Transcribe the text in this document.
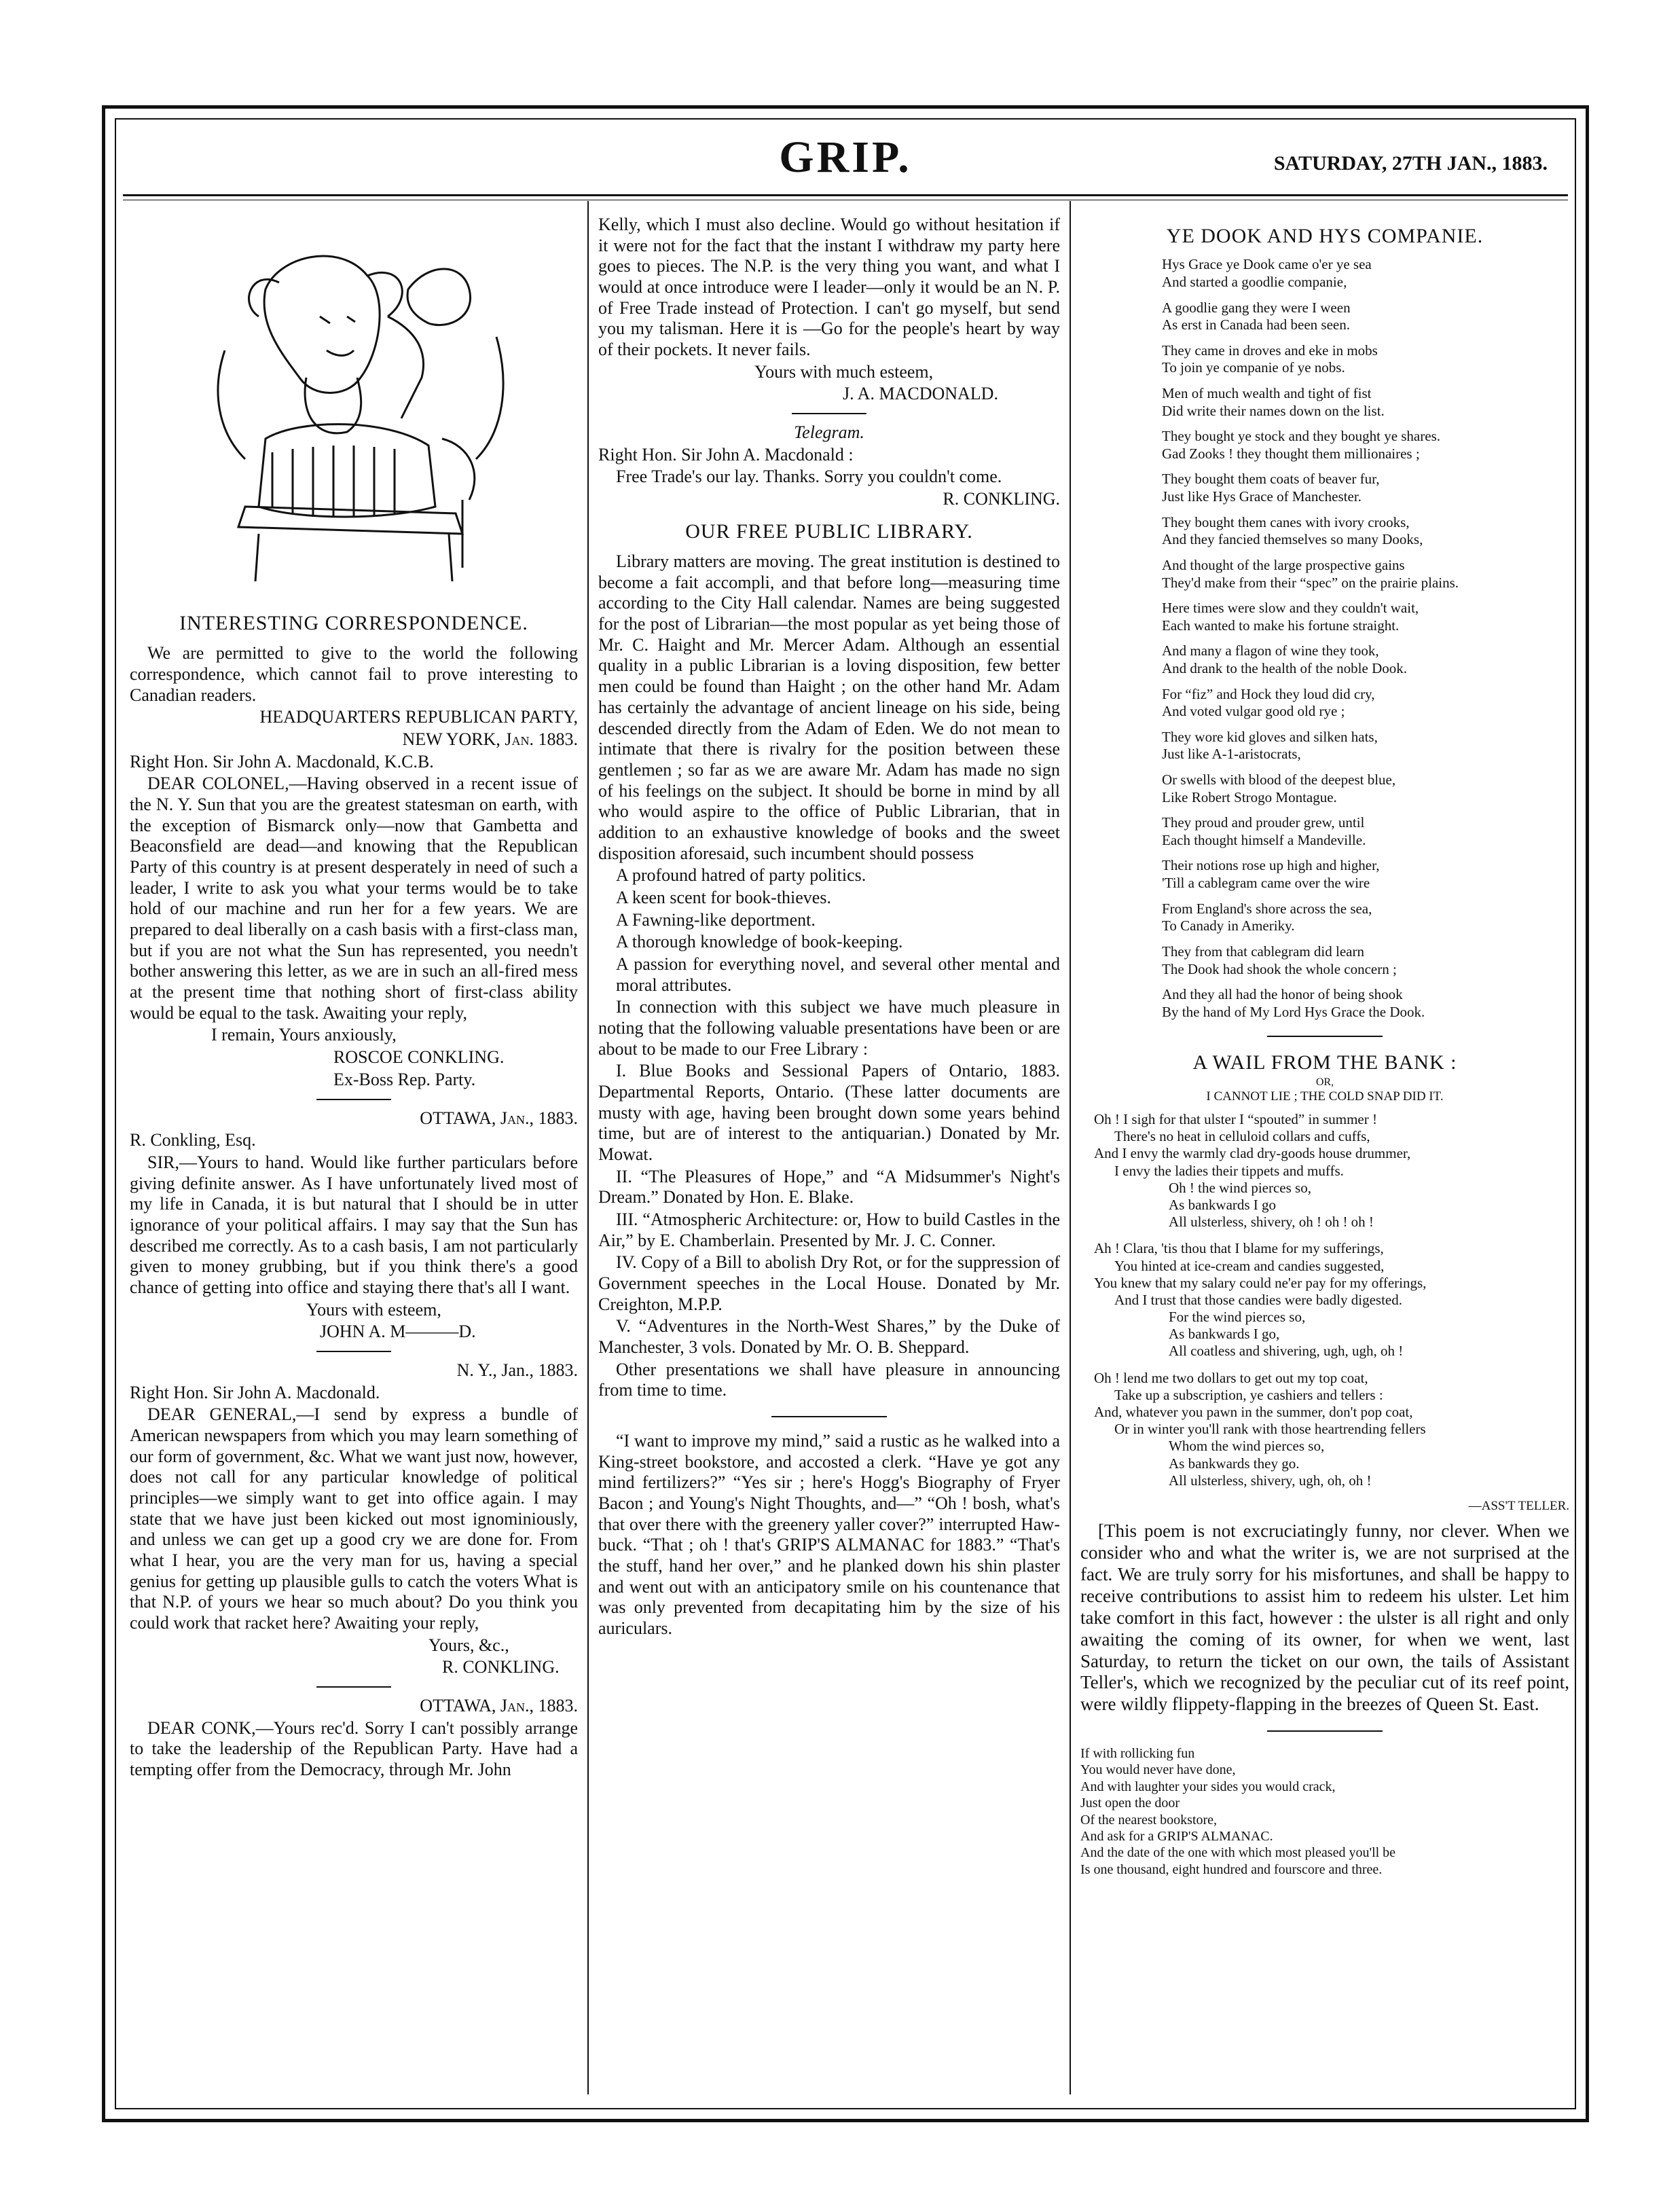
GRIP.	SATURDAY, 27TH JAN., 1883.
INTERESTING CORRESPONDENCE.

We are permitted to give to the world the following correspondence, which cannot fail to prove interesting to Canadian readers.

HEADQUARTERS REPUBLICAN PARTY,

NEW YORK, Jan. 1883.

Right Hon. Sir John A. Macdonald, K.C.B.

DEAR COLONEL,—Having observed in a recent issue of the N. Y. Sun that you are the greatest statesman on earth, with the exception of Bismarck only—now that Gambetta and Beaconsfield are dead—and knowing that the Republican Party of this country is at present desperately in need of such a leader, I write to ask you what your terms would be to take hold of our machine and run her for a few years. We are prepared to deal liberally on a cash basis with a first-class man, but if you are not what the Sun has represented, you needn't bother answering this letter, as we are in such an all-fired mess at the present time that nothing short of first-class ability would be equal to the task. Awaiting your reply,

I remain, Yours anxiously,

ROSCOE CONKLING.

Ex-Boss Rep. Party.

OTTAWA, Jan., 1883.

R. Conkling, Esq.

SIR,—Yours to hand. Would like further particulars before giving definite answer. As I have unfortunately lived most of my life in Canada, it is but natural that I should be in utter ignorance of your political affairs. I may say that the Sun has described me correctly. As to a cash basis, I am not particularly given to money grubbing, but if you think there's a good chance of getting into office and staying there that's all I want.

Yours with esteem,

JOHN A. M———D.

N. Y., Jan., 1883.

Right Hon. Sir John A. Macdonald.

DEAR GENERAL,—I send by express a bundle of American newspapers from which you may learn something of our form of government, &c. What we want just now, however, does not call for any particular knowledge of political principles—we simply want to get into office again. I may state that we have just been kicked out most ignominiously, and unless we can get up a good cry we are done for. From what I hear, you are the very man for us, having a special genius for getting up plausible gulls to catch the voters What is that N.P. of yours we hear so much about? Do you think you could work that racket here? Awaiting your reply,

Yours, &c.,

R. CONKLING.

OTTAWA, Jan., 1883.

DEAR CONK,—Yours rec'd. Sorry I can't possibly arrange to take the leadership of the Republican Party. Have had a tempting offer from the Democracy, through Mr. John

Kelly, which I must also decline. Would go without hesitation if it were not for the fact that the instant I withdraw my party here goes to pieces. The N.P. is the very thing you want, and what I would at once introduce were I leader—only it would be an N. P. of Free Trade instead of Protection. I can't go myself, but send you my talisman. Here it is —Go for the people's heart by way of their pockets. It never fails.

Yours with much esteem,

J. A. MACDONALD.

Telegram.

Right Hon. Sir John A. Macdonald :

Free Trade's our lay. Thanks. Sorry you couldn't come.

R. CONKLING.

OUR FREE PUBLIC LIBRARY.

Library matters are moving. The great institution is destined to become a fait accompli, and that before long—measuring time according to the City Hall calendar. Names are being suggested for the post of Librarian—the most popular as yet being those of Mr. C. Haight and Mr. Mercer Adam. Although an essential quality in a public Librarian is a loving disposition, few better men could be found than Haight ; on the other hand Mr. Adam has certainly the advantage of ancient lineage on his side, being descended directly from the Adam of Eden. We do not mean to intimate that there is rivalry for the position between these gentlemen ; so far as we are aware Mr. Adam has made no sign of his feelings on the subject. It should be borne in mind by all who would aspire to the office of Public Librarian, that in addition to an exhaustive knowledge of books and the sweet disposition aforesaid, such incumbent should possess

A profound hatred of party politics.

A keen scent for book-thieves.

A Fawning-like deportment.

A thorough knowledge of book-keeping.

A passion for everything novel, and several other mental and moral attributes.

In connection with this subject we have much pleasure in noting that the following valuable presentations have been or are about to be made to our Free Library :

I. Blue Books and Sessional Papers of Ontario, 1883. Departmental Reports, Ontario. (These latter documents are musty with age, having been brought down some years behind time, but are of interest to the antiquarian.) Donated by Mr. Mowat.

II. “The Pleasures of Hope,” and “A Midsummer's Night's Dream.” Donated by Hon. E. Blake.

III. “Atmospheric Architecture: or, How to build Castles in the Air,” by E. Chamberlain. Presented by Mr. J. C. Conner.

IV. Copy of a Bill to abolish Dry Rot, or for the suppression of Government speeches in the Local House. Donated by Mr. Creighton, M.P.P.

V. “Adventures in the North-West Shares,” by the Duke of Manchester, 3 vols. Donated by Mr. O. B. Sheppard.

Other presentations we shall have pleasure in announcing from time to time.

“I want to improve my mind,” said a rustic as he walked into a King-street bookstore, and accosted a clerk. “Have ye got any mind fertilizers?” “Yes sir ; here's Hogg's Biography of Fryer Bacon ; and Young's Night Thoughts, and—” “Oh ! bosh, what's that over there with the greenery yaller cover?” interrupted Haw-buck. “That ; oh ! that's GRIP'S ALMANAC for 1883.” “That's the stuff, hand her over,” and he planked down his shin plaster and went out with an anticipatory smile on his countenance that was only prevented from decapitating him by the size of his auriculars.

YE DOOK AND HYS COMPANIE.
Hys Grace ye Dook came o'er ye sea
And started a goodlie companie,
A goodlie gang they were I ween
As erst in Canada had been seen.
They came in droves and eke in mobs
To join ye companie of ye nobs.
Men of much wealth and tight of fist
Did write their names down on the list.
They bought ye stock and they bought ye shares.
Gad Zooks ! they thought them millionaires ;
They bought them coats of beaver fur,
Just like Hys Grace of Manchester.
They bought them canes with ivory crooks,
And they fancied themselves so many Dooks,
And thought of the large prospective gains
They'd make from their “spec” on the prairie plains.
Here times were slow and they couldn't wait,
Each wanted to make his fortune straight.
And many a flagon of wine they took,
And drank to the health of the noble Dook.
For “fiz” and Hock they loud did cry,
And voted vulgar good old rye ;
They wore kid gloves and silken hats,
Just like A-1-aristocrats,
Or swells with blood of the deepest blue,
Like Robert Strogo Montague.
They proud and prouder grew, until
Each thought himself a Mandeville.
Their notions rose up high and higher,
'Till a cablegram came over the wire
From England's shore across the sea,
To Canady in Ameriky.
They from that cablegram did learn
The Dook had shook the whole concern ;
And they all had the honor of being shook
By the hand of My Lord Hys Grace the Dook.
A WAIL FROM THE BANK :
OR,
I CANNOT LIE ; THE COLD SNAP DID IT.
Oh ! I sigh for that ulster I “spouted” in summer !
There's no heat in celluloid collars and cuffs,
And I envy the warmly clad dry-goods house drummer,
I envy the ladies their tippets and muffs.
Oh ! the wind pierces so,
As bankwards I go
All ulsterless, shivery, oh ! oh ! oh !
Ah ! Clara, 'tis thou that I blame for my sufferings,
You hinted at ice-cream and candies suggested,
You knew that my salary could ne'er pay for my offerings,
And I trust that those candies were badly digested.
For the wind pierces so,
As bankwards I go,
All coatless and shivering, ugh, ugh, oh !
Oh ! lend me two dollars to get out my top coat,
Take up a subscription, ye cashiers and tellers :
And, whatever you pawn in the summer, don't pop coat,
Or in winter you'll rank with those heartrending fellers
Whom the wind pierces so,
As bankwards they go.
All ulsterless, shivery, ugh, oh, oh !

—ASS'T TELLER.

[This poem is not excruciatingly funny, nor clever. When we consider who and what the writer is, we are not surprised at the fact. We are truly sorry for his misfortunes, and shall be happy to receive contributions to assist him to redeem his ulster. Let him take comfort in this fact, however : the ulster is all right and only awaiting the coming of its owner, for when we went, last Saturday, to return the ticket on our own, the tails of Assistant Teller's, which we recognized by the peculiar cut of its reef point, were wildly flippety-flapping in the breezes of Queen St. East.

If with rollicking fun
You would never have done,
And with laughter your sides you would crack,
Just open the door
Of the nearest bookstore,
And ask for a GRIP'S ALMANAC.
And the date of the one with which most pleased you'll be
Is one thousand, eight hundred and fourscore and three.
